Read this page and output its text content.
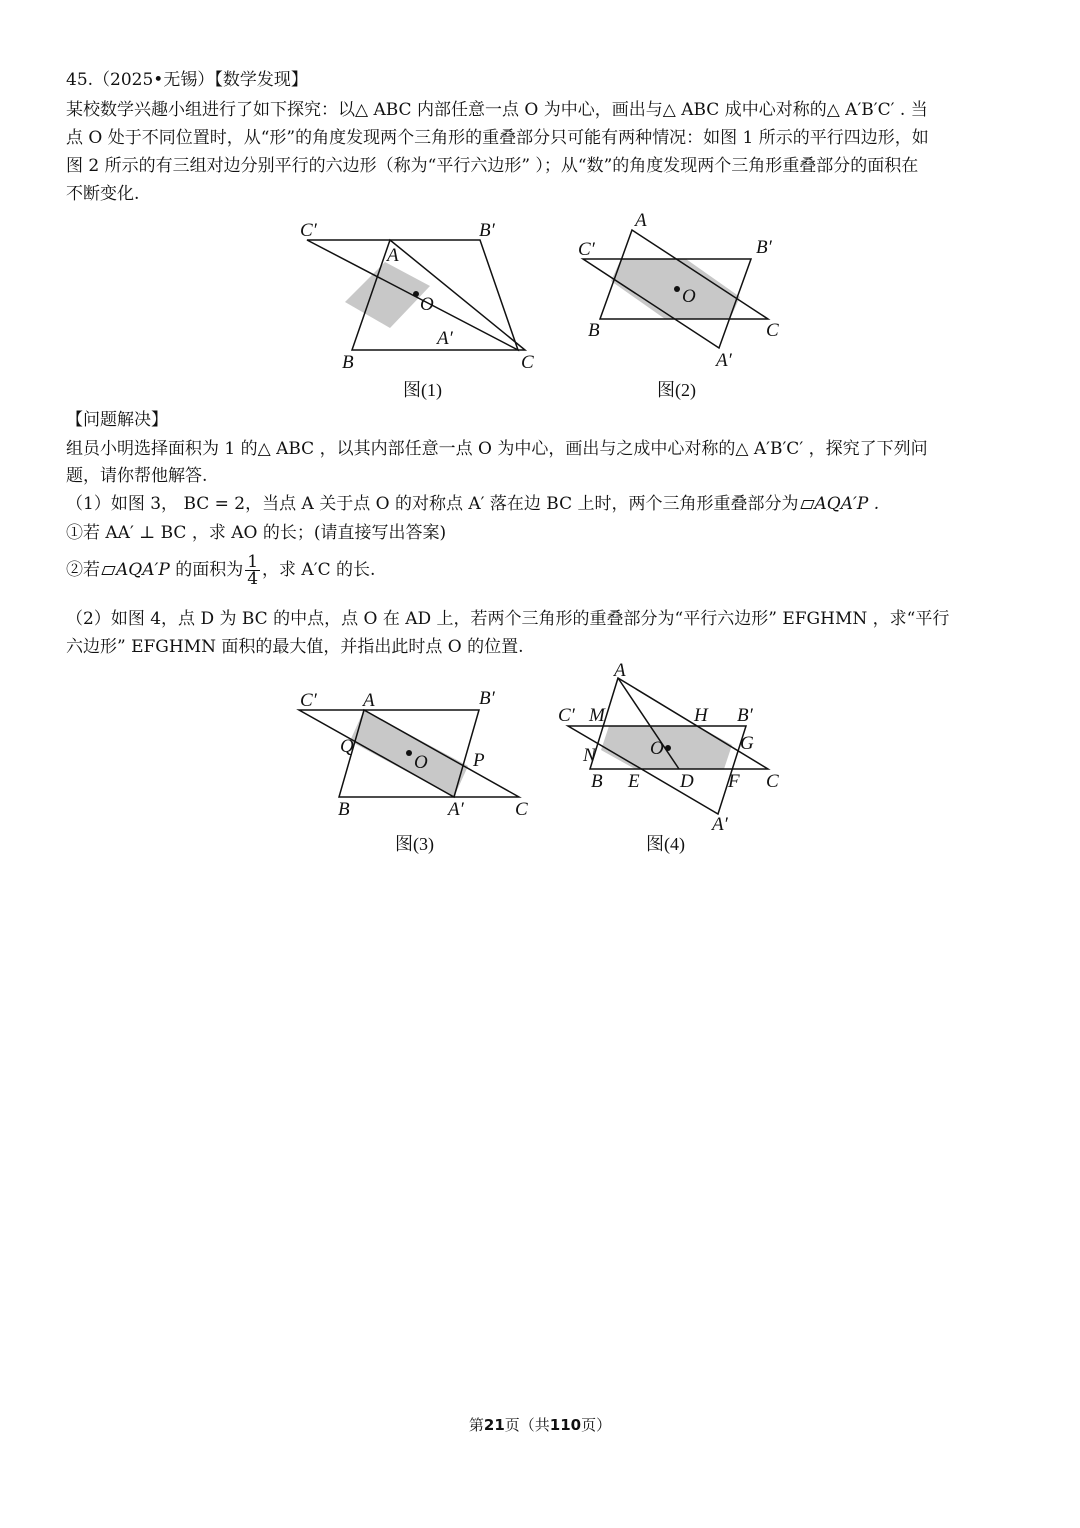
45.（2025•无锡）【数学发现】
某校数学兴趣小组进行了如下探究：以△ ABC 内部任意一点 O 为中心，画出与△ ABC 成中心对称的△ A′B′C′ . 当
点 O 处于不同位置时，从“形”的角度发现两个三角形的重叠部分只可能有两种情况：如图 1 所示的平行四边形，如
图 2 所示的有三组对边分别平行的六边形（称为“平行六边形” ）；从“数”的角度发现两个三角形重叠部分的面积在
不断变化.
C′	B′
A
O
A′
B	C
图(1)
A
C′	B′
O
B	C
A′
图(2)
【问题解决】
组员小明选择面积为 1 的△ ABC ，以其内部任意一点 O 为中心，画出与之成中心对称的△ A′B′C′ ，探究了下列问
题，请你帮他解答.
（1）如图 3， BC = 2，当点 A 关于点 O 的对称点 A′ 落在边 BC 上时，两个三角形重叠部分为 AQA′P .
①若 AA′ ⊥ BC ，求 AO 的长；(请直接写出答案)
②若 AQA′P 的面积为 $\frac{1}{4}$ ，求 A′C 的长.
（2）如图 4，点 D 为 BC 的中点，点 O 在 AD 上，若两个三角形的重叠部分为“平行六边形” EFGHMN ，求“平行
六边形” EFGHMN 面积的最大值，并指出此时点 O 的位置.
C′ A	B′
Q
O P
B	A′	C
图(3)
A
C′ M	H B′
G
N	O
B E D F C
A′
图(4)
第21页（共110页）
